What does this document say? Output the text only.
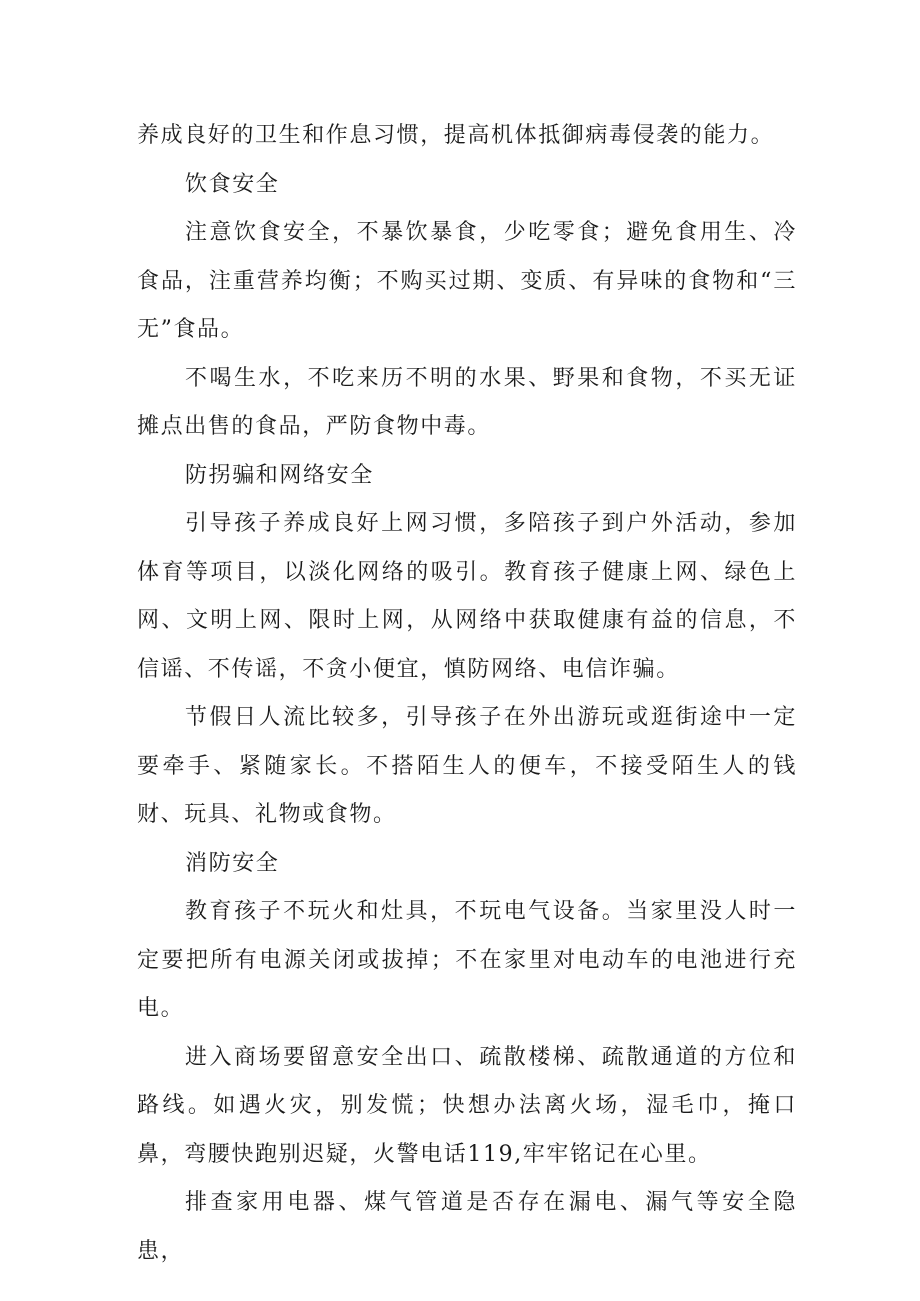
养成良好的卫生和作息习惯，提高机体抵御病毒侵袭的能力。

饮食安全

注意饮食安全，不暴饮暴食，少吃零食；避免食用生、冷食品，注重营养均衡；不购买过期、变质、有异味的食物和“三无”食品。

不喝生水，不吃来历不明的水果、野果和食物，不买无证摊点出售的食品，严防食物中毒。

防拐骗和网络安全

引导孩子养成良好上网习惯，多陪孩子到户外活动，参加体育等项目，以淡化网络的吸引。教育孩子健康上网、绿色上网、文明上网、限时上网，从网络中获取健康有益的信息，不信谣、不传谣，不贪小便宜，慎防网络、电信诈骗。

节假日人流比较多，引导孩子在外出游玩或逛街途中一定要牵手、紧随家长。不搭陌生人的便车，不接受陌生人的钱财、玩具、礼物或食物。

消防安全

教育孩子不玩火和灶具，不玩电气设备。当家里没人时一定要把所有电源关闭或拔掉；不在家里对电动车的电池进行充电。

进入商场要留意安全出口、疏散楼梯、疏散通道的方位和路线。如遇火灾，别发慌；快想办法离火场，湿毛巾，掩口鼻，弯腰快跑别迟疑，火警电话119,牢牢铭记在心里。

排查家用电器、煤气管道是否存在漏电、漏气等安全隐患，
